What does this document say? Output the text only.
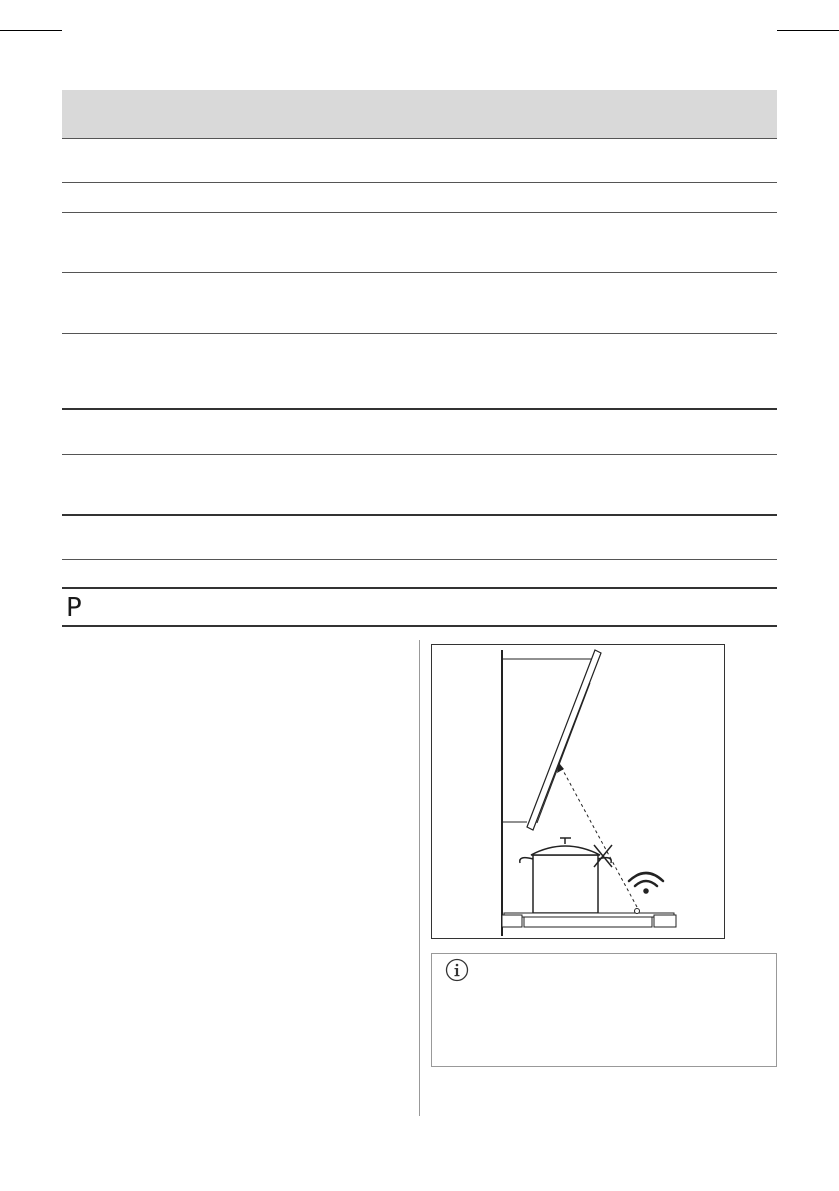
P
